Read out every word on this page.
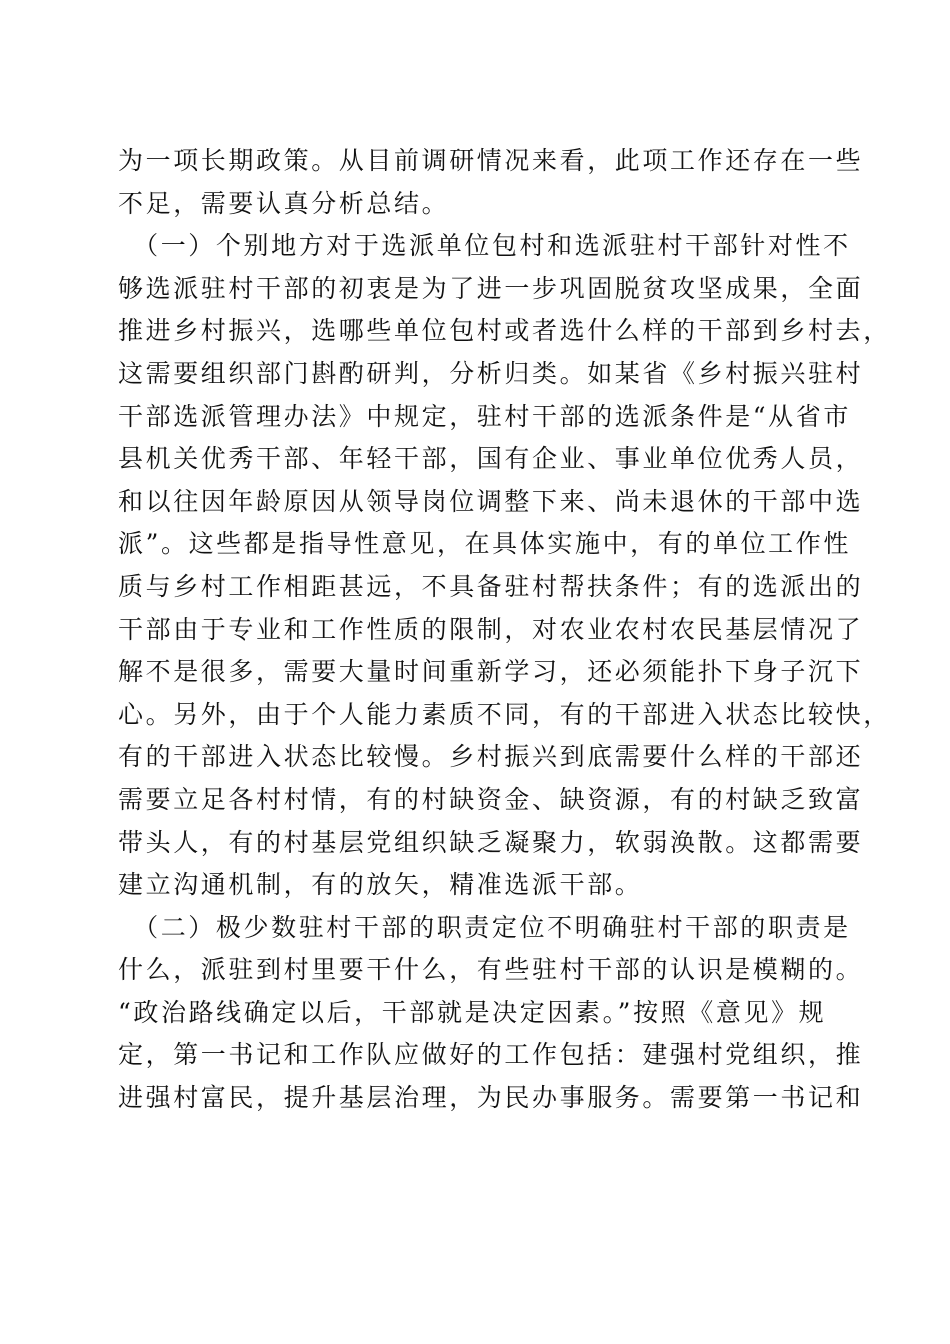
为一项长期政策。从目前调研情况来看，此项工作还存在一些
不足，需要认真分析总结。
　（一）个别地方对于选派单位包村和选派驻村干部针对性不
够选派驻村干部的初衷是为了进一步巩固脱贫攻坚成果，全面
推进乡村振兴，选哪些单位包村或者选什么样的干部到乡村去，
这需要组织部门斟酌研判，分析归类。如某省《乡村振兴驻村
干部选派管理办法》中规定，驻村干部的选派条件是“从省市
县机关优秀干部、年轻干部，国有企业、事业单位优秀人员，
和以往因年龄原因从领导岗位调整下来、尚未退休的干部中选
派”。这些都是指导性意见，在具体实施中，有的单位工作性
质与乡村工作相距甚远，不具备驻村帮扶条件；有的选派出的
干部由于专业和工作性质的限制，对农业农村农民基层情况了
解不是很多，需要大量时间重新学习，还必须能扑下身子沉下
心。另外，由于个人能力素质不同，有的干部进入状态比较快，
有的干部进入状态比较慢。乡村振兴到底需要什么样的干部还
需要立足各村村情，有的村缺资金、缺资源，有的村缺乏致富
带头人，有的村基层党组织缺乏凝聚力，软弱涣散。这都需要
建立沟通机制，有的放矢，精准选派干部。
　（二）极少数驻村干部的职责定位不明确驻村干部的职责是
什么，派驻到村里要干什么，有些驻村干部的认识是模糊的。
“政治路线确定以后，干部就是决定因素。”按照《意见》规
定，第一书记和工作队应做好的工作包括：建强村党组织，推
进强村富民，提升基层治理，为民办事服务。需要第一书记和
